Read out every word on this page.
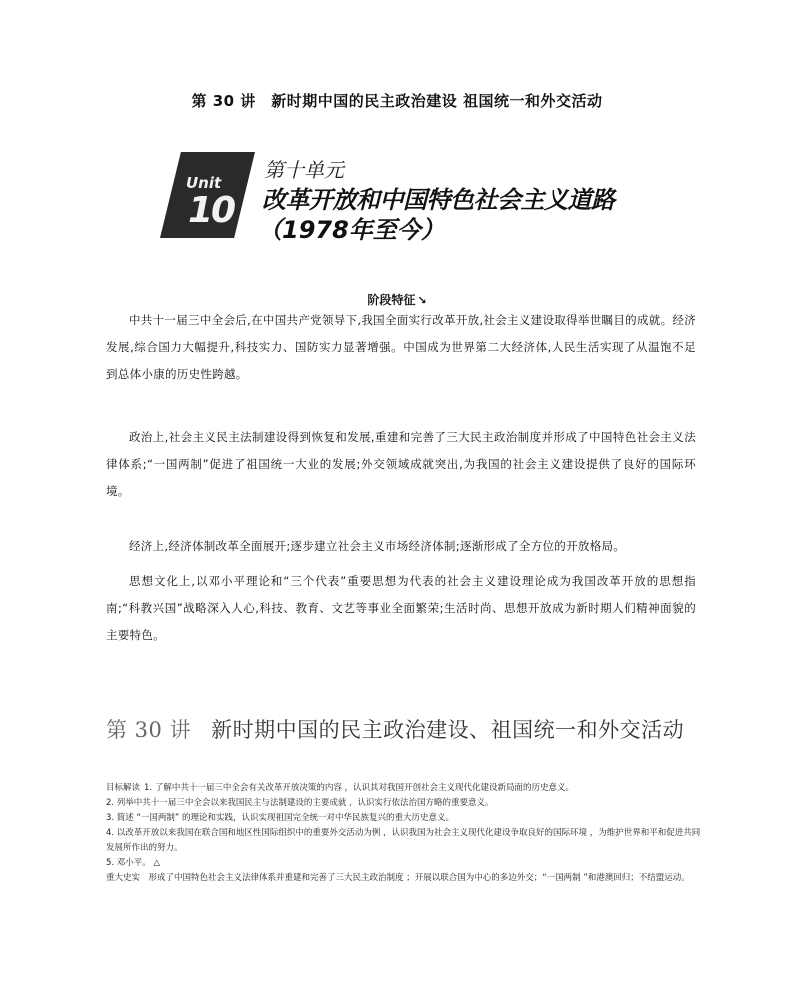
第 30 讲　新时期中国的民主政治建设 祖国统一和外交活动
Unit
10
第十单元
改革开放和中国特色社会主义道路
（1978年至今）
阶段特征 ↘

中共十一届三中全会后,在中国共产党领导下,我国全面实行改革开放,社会主义建设取得举世瞩目的成就。经济发展,综合国力大幅提升,科技实力、国防实力显著增强。中国成为世界第二大经济体,人民生活实现了从温饱不足到总体小康的历史性跨越。

政治上,社会主义民主法制建设得到恢复和发展,重建和完善了三大民主政治制度并形成了中国特色社会主义法律体系;“一国两制”促进了祖国统一大业的发展;外交领域成就突出,为我国的社会主义建设提供了良好的国际环境。

经济上,经济体制改革全面展开;逐步建立社会主义市场经济体制;逐渐形成了全方位的开放格局。

思想文化上,以邓小平理论和“三个代表”重要思想为代表的社会主义建设理论成为我国改革开放的思想指南;“科教兴国”战略深入人心,科技、教育、文艺等事业全面繁荣;生活时尚、思想开放成为新时期人们精神面貌的主要特色。

第 30 讲 新时期中国的民主政治建设、祖国统一和外交活动
目标解读 1. 了解中共十一届三中全会有关改革开放决策的内容 ，认识其对我国开创社会主义现代化建设新局面的历史意义。
2. 列举中共十一届三中全会以来我国民主与法制建设的主要成就 ，认识实行依法治国方略的重要意义。
3. 简述 “一国两制” 的理论和实践，认识实现祖国完全统一对中华民族复兴的重大历史意义。
4. 以改革开放以来我国在联合国和地区性国际组织中的重要外交活动为例 ，认识我国为社会主义现代化建设争取良好的国际环境 ，为维护世界和平和促进共同发展所作出的努力。
5. 邓小平。 △
重大史实　形成了中国特色社会主义法律体系并重建和完善了三大民主政治制度 ；开展以联合国为中心的多边外交；“一国两制 ”和港澳回归；不结盟运动。
